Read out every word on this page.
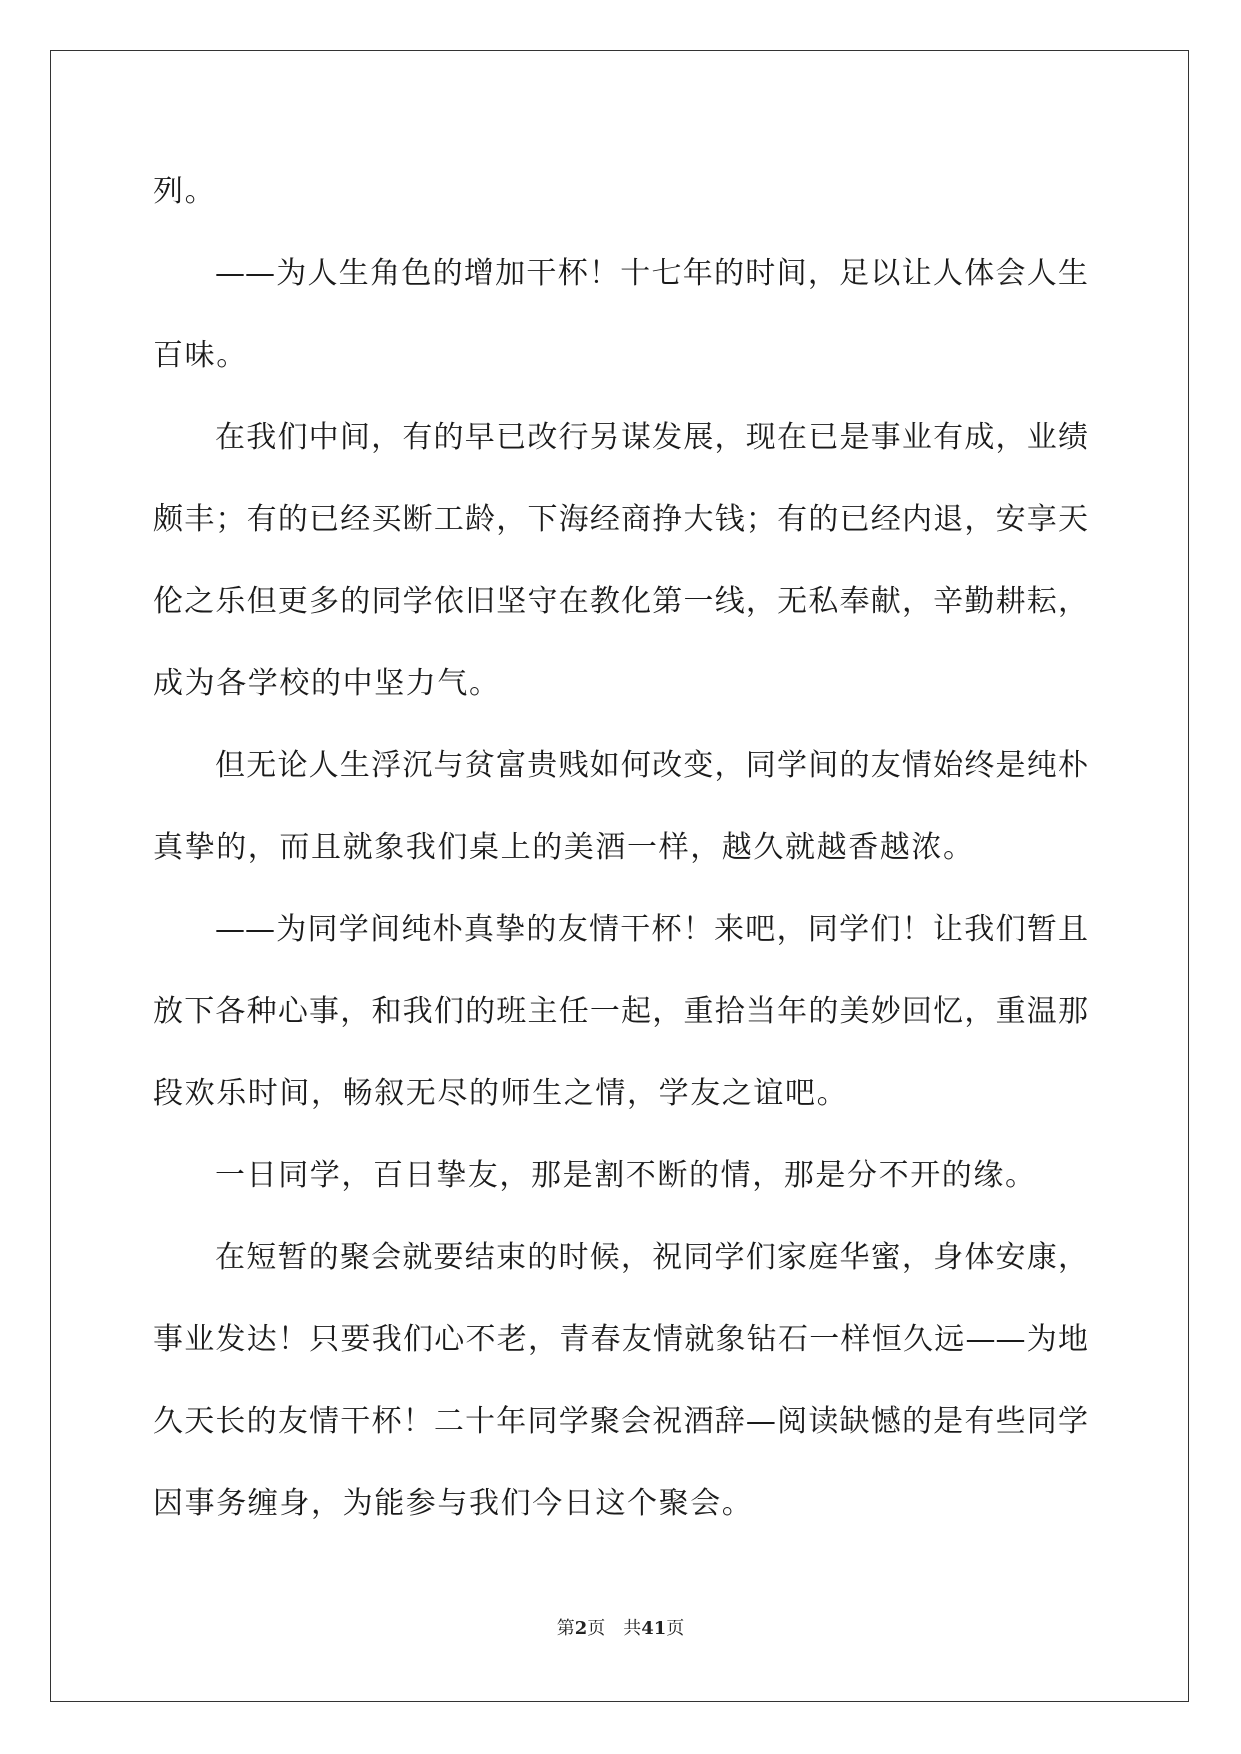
列。

——为人生角色的增加干杯！十七年的时间，足以让人体会人生

百味。

在我们中间，有的早已改行另谋发展，现在已是事业有成，业绩

颇丰；有的已经买断工龄，下海经商挣大钱；有的已经内退，安享天

伦之乐但更多的同学依旧坚守在教化第一线，无私奉献，辛勤耕耘，

成为各学校的中坚力气。

但无论人生浮沉与贫富贵贱如何改变，同学间的友情始终是纯朴

真挚的，而且就象我们桌上的美酒一样，越久就越香越浓。

——为同学间纯朴真挚的友情干杯！来吧，同学们！让我们暂且

放下各种心事，和我们的班主任一起，重拾当年的美妙回忆，重温那

段欢乐时间，畅叙无尽的师生之情，学友之谊吧。

一日同学，百日挚友，那是割不断的情，那是分不开的缘。

在短暂的聚会就要结束的时候，祝同学们家庭华蜜，身体安康，

事业发达！只要我们心不老，青春友情就象钻石一样恒久远——为地

久天长的友情干杯！二十年同学聚会祝酒辞—阅读缺憾的是有些同学

因事务缠身，为能参与我们今日这个聚会。

第2页 共41页
